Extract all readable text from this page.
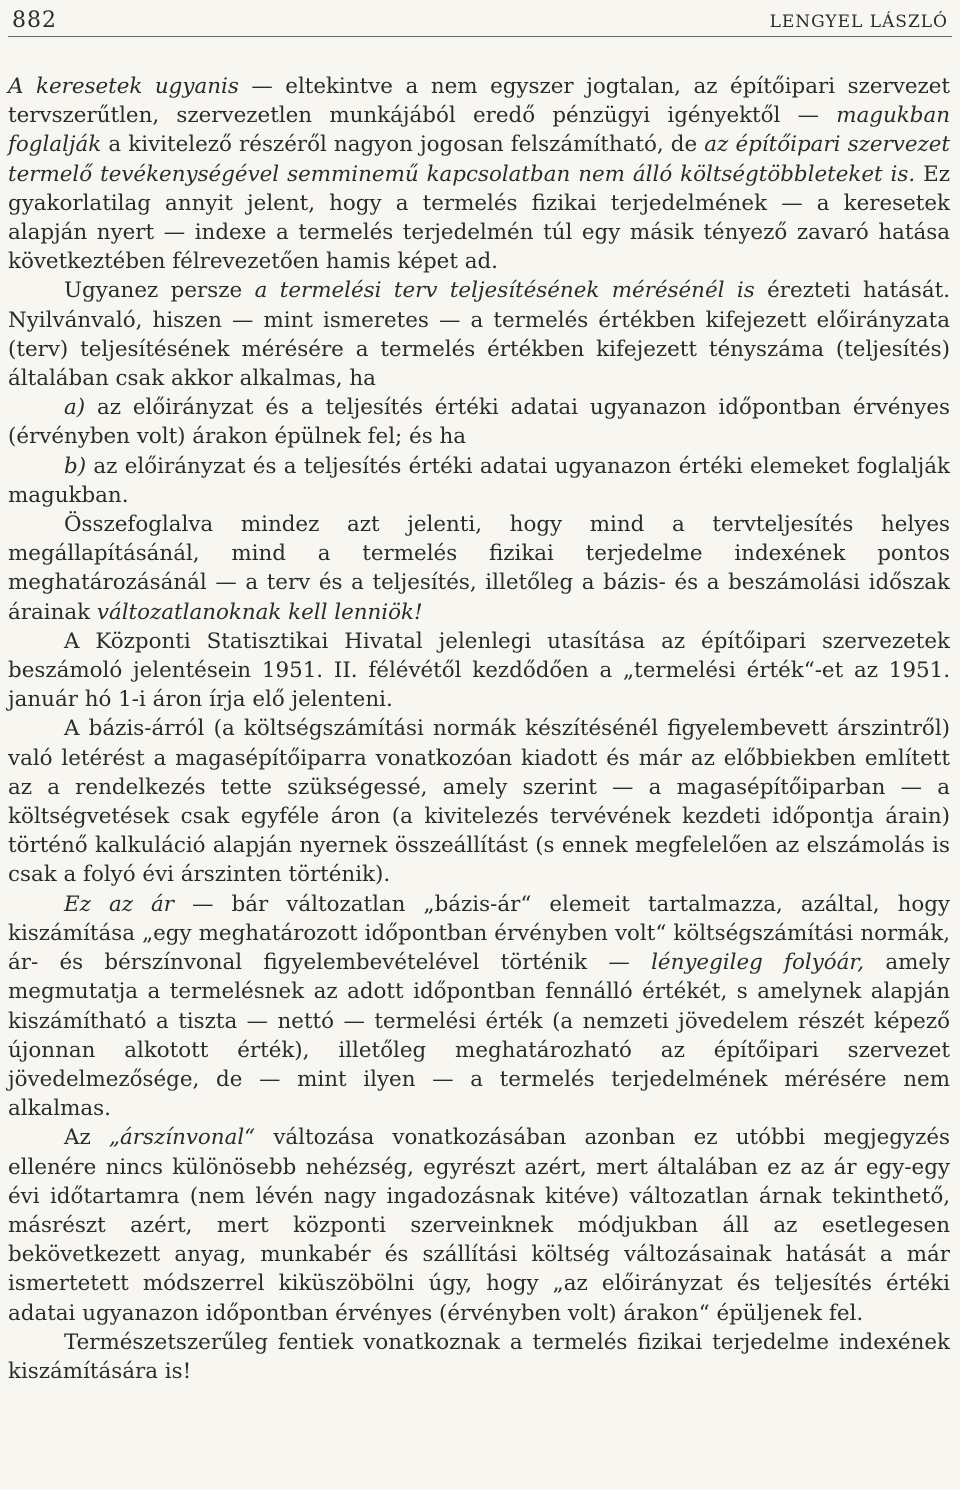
882	LENGYEL LÁSZLÓ

A keresetek ugyanis — eltekintve a nem egyszer jogtalan, az építőipari szervezet tervszerűtlen, szervezetlen munkájából eredő pénzügyi igényektől — magukban foglalják a kivitelező részéről nagyon jogosan felszámítható, de az építőipari szervezet termelő tevékenységével semminemű kapcsolatban nem álló költségtöbbleteket is. Ez gyakorlatilag annyit jelent, hogy a termelés fizikai terjedelmének — a keresetek alapján nyert — indexe a termelés terjedelmén túl egy másik tényező zavaró hatása következtében félrevezetően hamis képet ad.

Ugyanez persze a termelési terv teljesítésének mérésénél is érezteti hatását. Nyilvánvaló, hiszen — mint ismeretes — a termelés értékben kifejezett előirányzata (terv) teljesítésének mérésére a termelés értékben kifejezett tényszáma (teljesítés) általában csak akkor alkalmas, ha

a) az előirányzat és a teljesítés értéki adatai ugyanazon időpontban érvényes (érvényben volt) árakon épülnek fel; és ha

b) az előirányzat és a teljesítés értéki adatai ugyanazon értéki elemeket foglalják magukban.

Összefoglalva mindez azt jelenti, hogy mind a tervteljesítés helyes megállapításánál, mind a termelés fizikai terjedelme indexének pontos meghatározásánál — a terv és a teljesítés, illetőleg a bázis- és a beszámolási időszak árainak változatlanoknak kell lenniök!

A Központi Statisztikai Hivatal jelenlegi utasítása az építőipari szervezetek beszámoló jelentésein 1951. II. félévétől kezdődően a „termelési érték“-et az 1951. január hó 1-i áron írja elő jelenteni.

A bázis-árról (a költségszámítási normák készítésénél figyelembevett árszintről) való letérést a magasépítőiparra vonatkozóan kiadott és már az előbbiekben említett az a rendelkezés tette szükségessé, amely szerint — a magasépítőiparban — a költségvetések csak egyféle áron (a kivitelezés tervévének kezdeti időpontja árain) történő kalkuláció alapján nyernek összeállítást (s ennek megfelelően az elszámolás is csak a folyó évi árszinten történik).

Ez az ár — bár változatlan „bázis-ár“ elemeit tartalmazza, azáltal, hogy kiszámítása „egy meghatározott időpontban érvényben volt“ költségszámítási normák, ár- és bérszínvonal figyelembevételével történik — lényegileg folyóár, amely megmutatja a termelésnek az adott időpontban fennálló értékét, s amelynek alapján kiszámítható a tiszta — nettó — termelési érték (a nemzeti jövedelem részét képező újonnan alkotott érték), illetőleg meghatározható az építőipari szervezet jövedelmezősége, de — mint ilyen — a termelés terjedelmének mérésére nem alkalmas.

Az „árszínvonal“ változása vonatkozásában azonban ez utóbbi megjegyzés ellenére nincs különösebb nehézség, egyrészt azért, mert általában ez az ár egy-egy évi időtartamra (nem lévén nagy ingadozásnak kitéve) változatlan árnak tekinthető, másrészt azért, mert központi szerveinknek módjukban áll az esetlegesen bekövetkezett anyag, munkabér és szállítási költség változásainak hatását a már ismertetett módszerrel kiküszöbölni úgy, hogy „az előirányzat és teljesítés értéki adatai ugyanazon időpontban érvényes (érvényben volt) árakon“ épüljenek fel.

Természetszerűleg fentiek vonatkoznak a termelés fizikai terjedelme indexének kiszámítására is!
